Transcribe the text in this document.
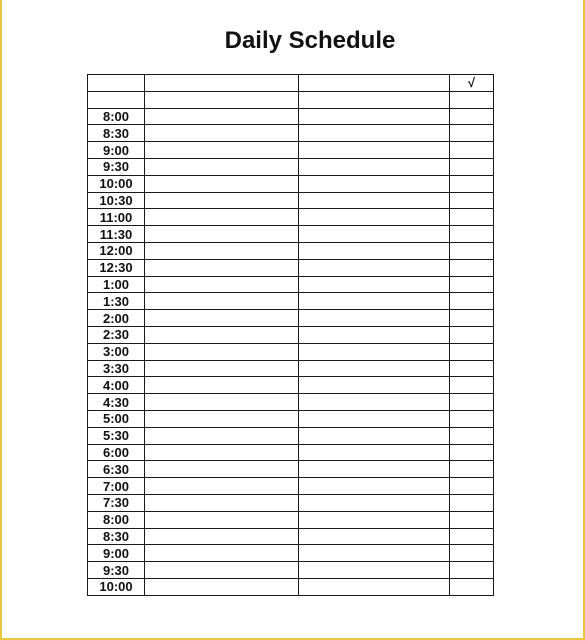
Daily Schedule
			√

8:00			
8:30			
9:00			
9:30			
10:00			
10:30			
11:00			
11:30			
12:00			
12:30			
1:00			
1:30			
2:00			
2:30			
3:00			
3:30			
4:00			
4:30			
5:00			
5:30			
6:00			
6:30			
7:00			
7:30			
8:00			
8:30			
9:00			
9:30			
10:00			
